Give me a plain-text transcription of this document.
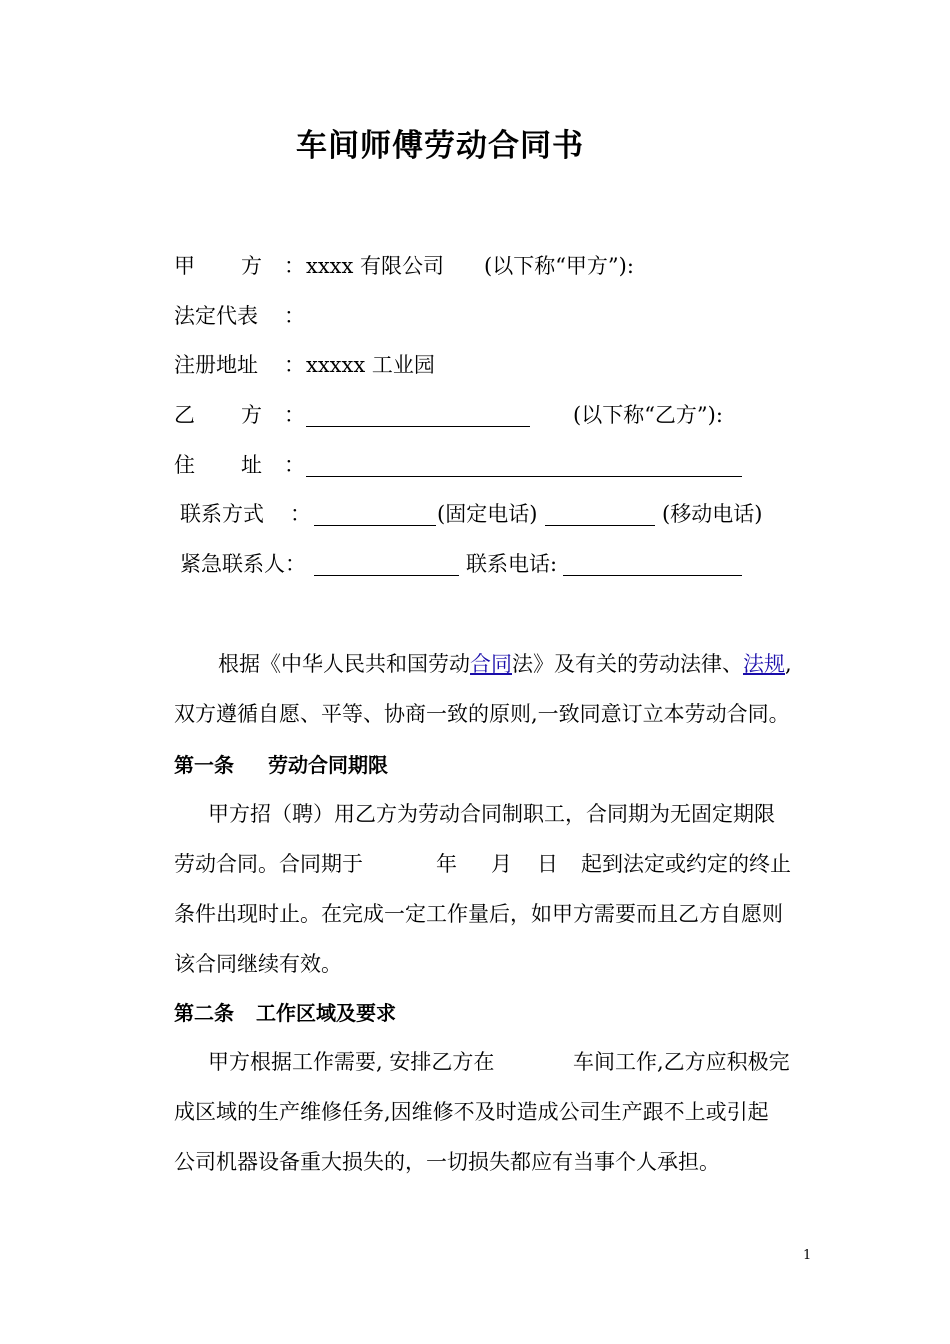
车间师傅劳动合同书
甲 方 ： xxxx 有限公司 (以下称“甲方”):
法定代表 ：
注册地址 ： xxxxx 工业园
乙 方 ：	(以下称“乙方”):
住 址 ：
联系方式 ：	(固定电话)	(移动电话)
紧急联系人：	联系电话:
根据《中华人民共和国劳动合同法》及有关的劳动法律、法规,
双方遵循自愿、平等、协商一致的原则,一致同意订立本劳动合同。
第一条 劳动合同期限
甲方招（聘）用乙方为劳动合同制职工，合同期为无固定期限
劳动合同。合同期于	年 月 日 起到法定或约定的终止
条件出现时止。在完成一定工作量后，如甲方需要而且乙方自愿则
该合同继续有效。
第二条 工作区域及要求
甲方根据工作需要, 安排乙方在	车间工作,乙方应积极完
成区域的生产维修任务,因维修不及时造成公司生产跟不上或引起
公司机器设备重大损失的，一切损失都应有当事个人承担。
1
